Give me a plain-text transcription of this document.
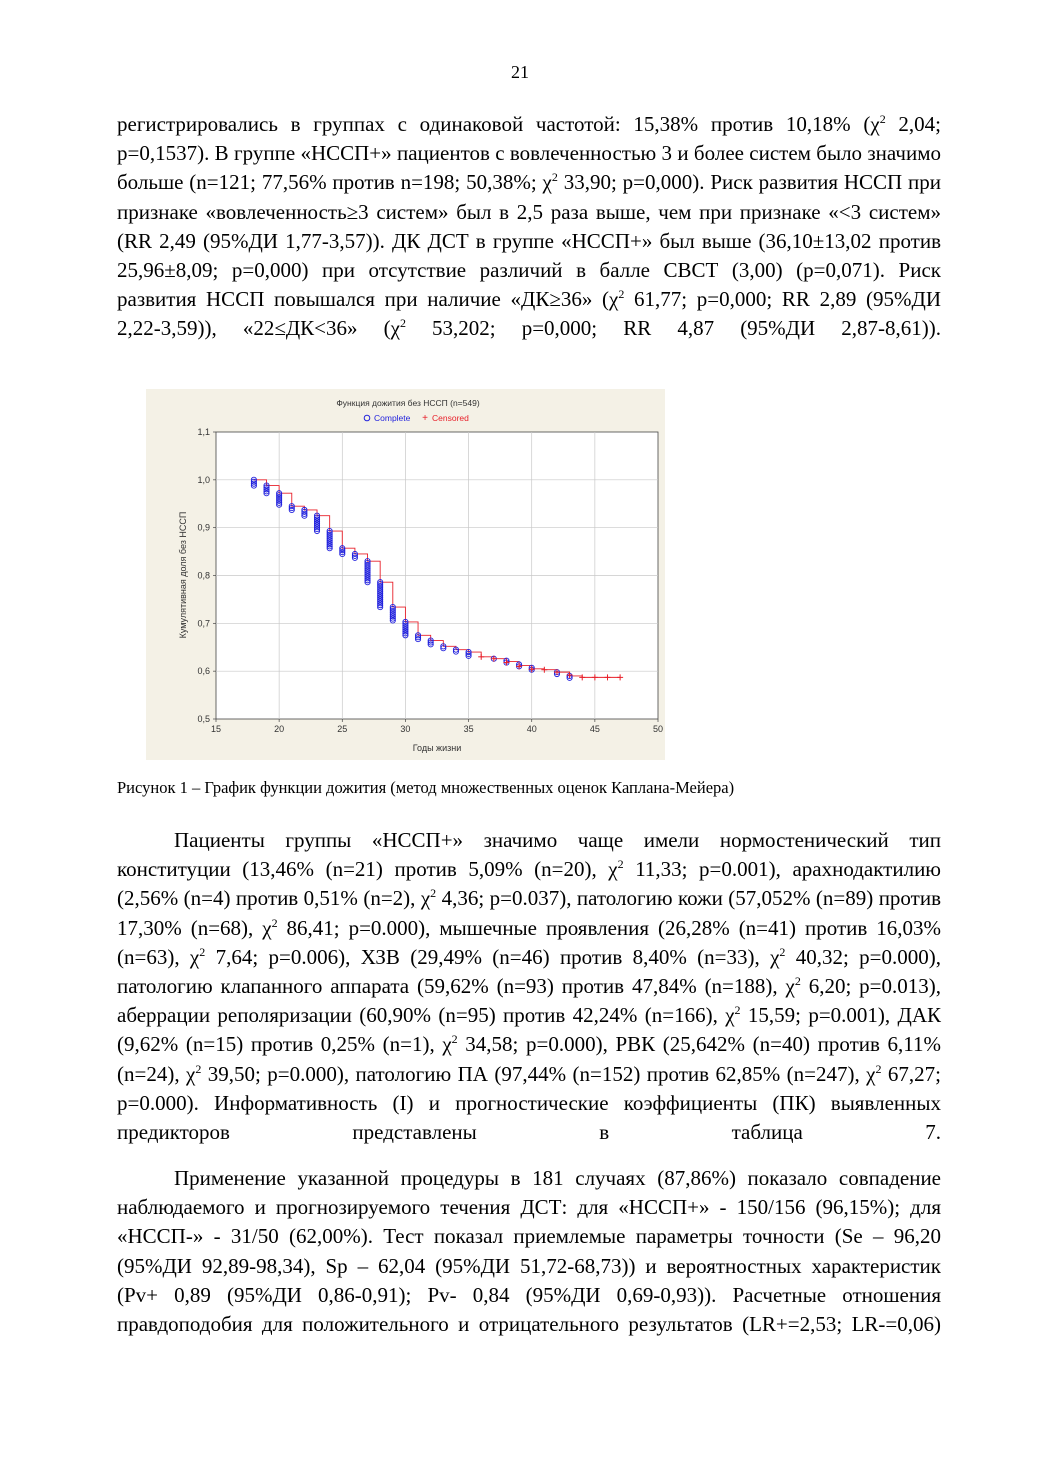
21

регистрировались в группах с одинаковой частотой: 15,38% против 10,18% ($\chi^2$ 2,04; p=0,1537). В группе «НССП+» пациентов с вовлеченностью 3 и более систем было значимо больше (n=121; 77,56% против n=198; 50,38%; $\chi^2$ 33,90; p=0,000). Риск развития НССП при признаке «вовлеченность≥3 систем» был в 2,5 раза выше, чем при признаке «<3 систем» (RR 2,49 (95%ДИ 1,77-3,57)). ДК ДСТ в группе «НССП+» был выше (36,10±13,02 против 25,96±8,09; p=0,000) при отсутствие различий в балле СВСТ (3,00) (p=0,071). Риск развития НССП повышался при наличие «ДК≥36» ($\chi^2$ 61,77; p=0,000; RR 2,89 (95%ДИ 2,22-3,59)), «22≤ДК<36» ($\chi^2$ 53,202; p=0,000; RR 4,87 (95%ДИ 2,87-8,61)).

Функция дожития без НССП (n=549)
Complete + Censored
15	20	25	30	35	40	45	50
0,5
0,6
0,7
0,8
0,9
1,0
1,1
Годы жизни
Кумулятивная доля без НССП
Рисунок 1 – График функции дожития (метод множественных оценок Каплана-Мейера)

Пациенты группы «НССП+» значимо чаще имели нормостенический тип конституции (13,46% (n=21) против 5,09% (n=20), $\chi^2$ 11,33; p=0.001), арахнодактилию (2,56% (n=4) против 0,51% (n=2), $\chi^2$ 4,36; p=0.037), патологию кожи (57,052% (n=89) против 17,30% (n=68), $\chi^2$ 86,41; p=0.000), мышечные проявления (26,28% (n=41) против 16,03% (n=63), $\chi^2$ 7,64; p=0.006), ХЗВ (29,49% (n=46) против 8,40% (n=33), $\chi^2$ 40,32; p=0.000), патологию клапанного аппарата (59,62% (n=93) против 47,84% (n=188), $\chi^2$ 6,20; p=0.013), аберрации реполяризации (60,90% (n=95) против 42,24% (n=166), $\chi^2$ 15,59; p=0.001), ДАК (9,62% (n=15) против 0,25% (n=1), $\chi^2$ 34,58; p=0.000), РВК (25,642% (n=40) против 6,11% (n=24), $\chi^2$ 39,50; p=0.000), патологию ПА (97,44% (n=152) против 62,85% (n=247), $\chi^2$ 67,27; p=0.000). Информативность (I) и прогностические коэффициенты (ПК) выявленных предикторов представлены в таблица 7.

Применение указанной процедуры в 181 случаях (87,86%) показало совпадение наблюдаемого и прогнозируемого течения ДСТ: для «НССП+» - 150/156 (96,15%); для «НССП-» - 31/50 (62,00%). Тест показал приемлемые параметры точности (Se – 96,20 (95%ДИ 92,89-98,34), Sp – 62,04 (95%ДИ 51,72-68,73)) и вероятностных характеристик (Pv+ 0,89 (95%ДИ 0,86-0,91); Pv- 0,84 (95%ДИ 0,69-0,93)). Расчетные отношения правдоподобия для положительного и отрицательного результатов (LR+=2,53; LR-=0,06)
